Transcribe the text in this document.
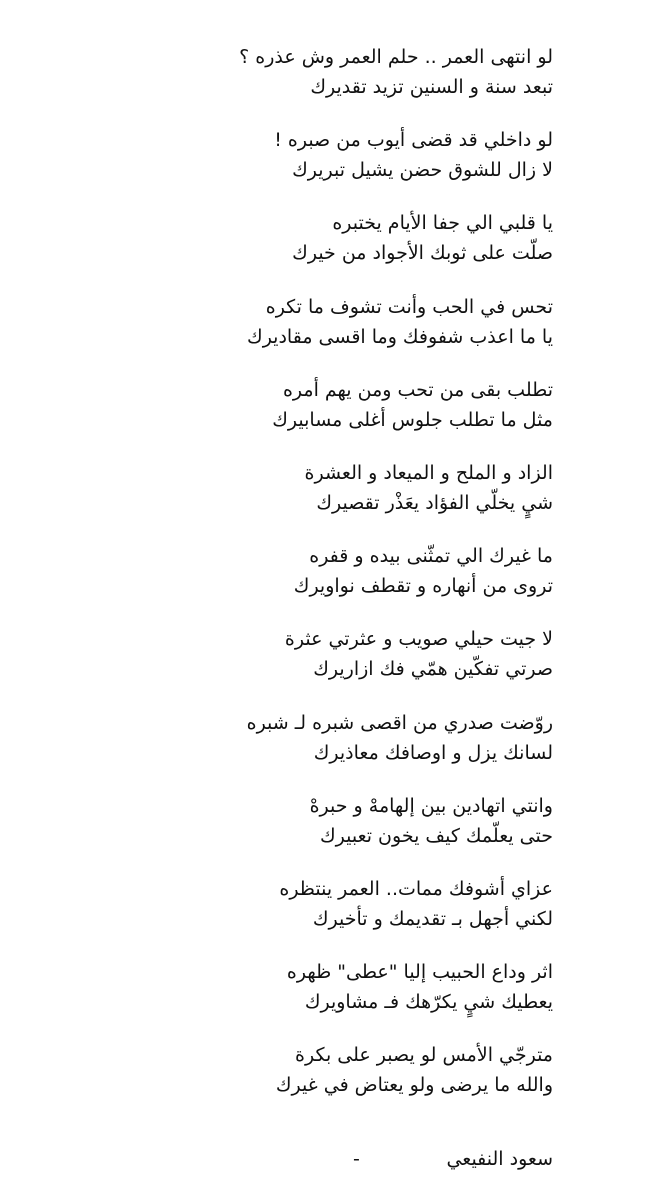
لو انتهى العمر .. حلم العمر وش عذره ؟
تبعد سنة و السنين تزيد تقديرك
لو داخلي قد قضى أيوب من صبره !
لا زال للشوق حضن يشيل تبريرك
يا قلبي الي جفا الأيام يختبره
صلّت على ثوبك الأجواد من خيرك
تحس في الحب وأنت تشوف ما تكره
يا ما اعذب شفوفك وما اقسى مقاديرك
تطلب بقى من تحب ومن يهم أمره
مثل ما تطلب جلوس أغلى مسابيرك
الزاد و الملح و الميعاد و العشرة
شيٍ يخلّي الفؤاد يعَذْر تقصيرك
ما غيرك الي تمثّنى بيده و قفره
تروى من أنهاره و تقطف نواويرك
لا جيت حيلي صويب و عثرتي عثرة
صرتي تفكّين همّي فك ازاريرك
روّضت صدري من اقصى شبره لـ شبره
لسانك يزل و اوصافك معاذيرك
وانتي اتهادين بين إلهامهْ و حبرهْ
حتى يعلّمك كيف يخون تعبيرك
عزاي أشوفك ممات.. العمر ينتظره
لكني أجهل بـ تقديمك و تأخيرك
اثر وداع الحبيب إليا "عطى" ظهره
يعطيك شيٍ يكرّهك فـ مشاويرك
مترجّي الأمس لو يصبر على بكرة
والله ما يرضى ولو يعتاض في غيرك
سعود النفيعي
-
